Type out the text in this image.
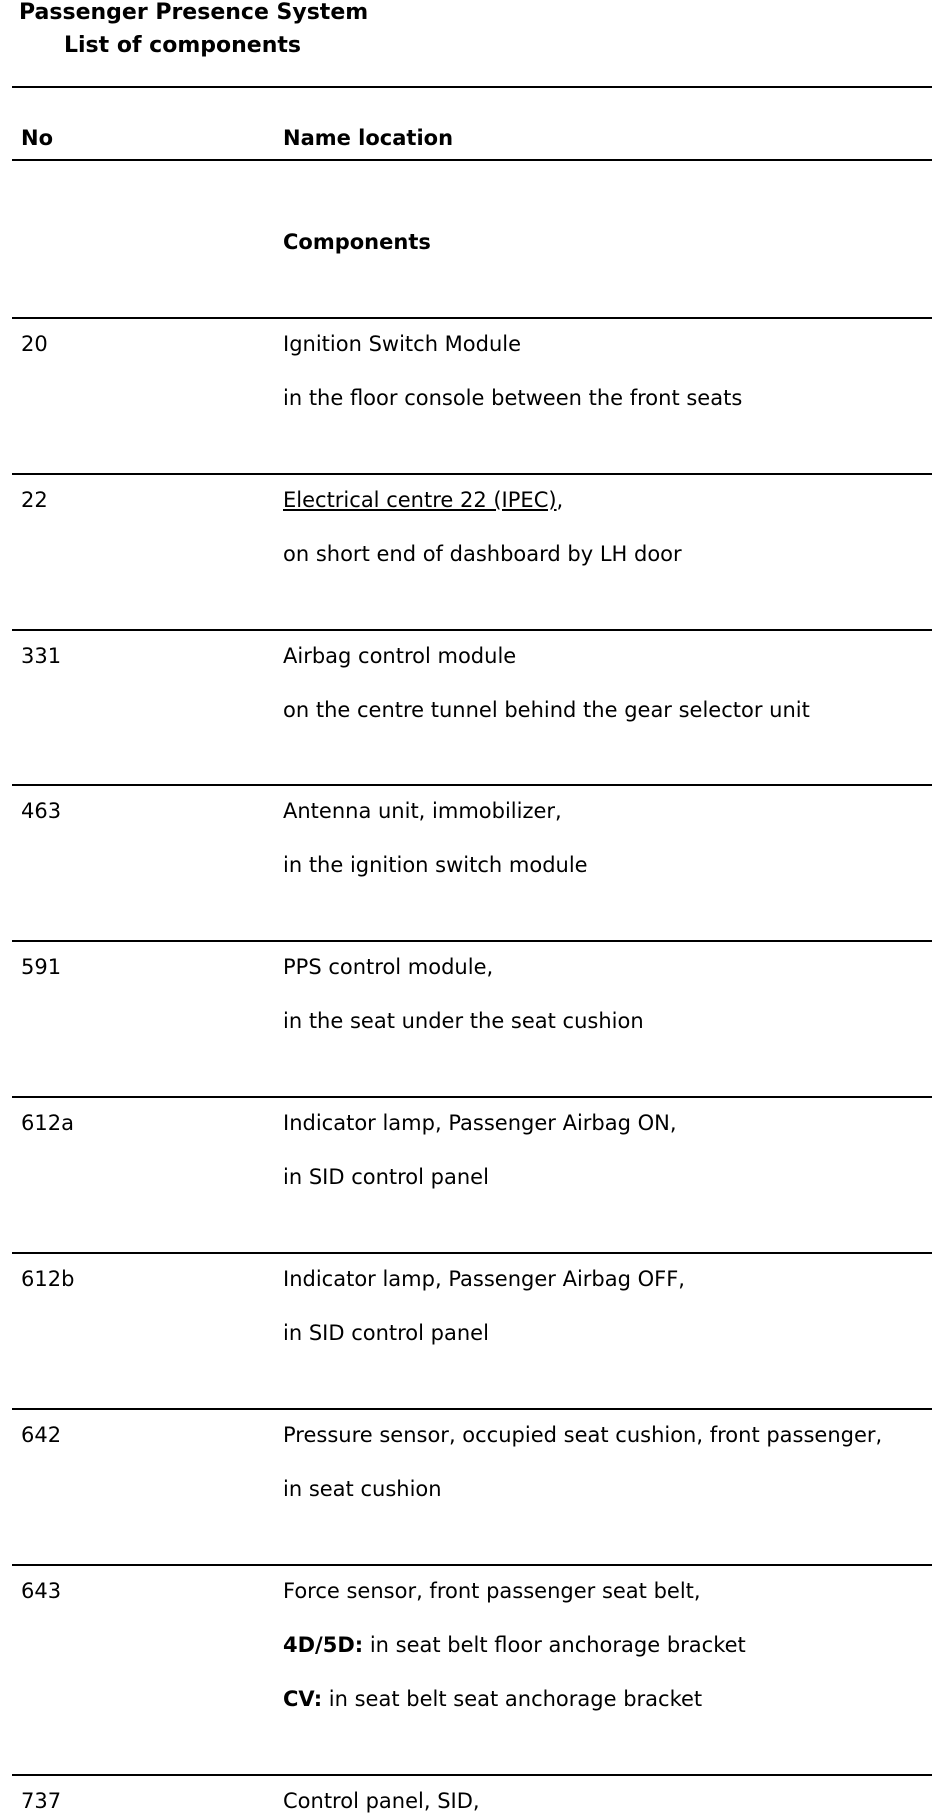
Passenger Presence System
List of components
No	Name location
Components
20	Ignition Switch Module
in the floor console between the front seats
22	Electrical centre 22 (IPEC),
on short end of dashboard by LH door
331	Airbag control module
on the centre tunnel behind the gear selector unit
463	Antenna unit, immobilizer,
in the ignition switch module
591	PPS control module,
in the seat under the seat cushion
612a	Indicator lamp, Passenger Airbag ON,
in SID control panel
612b	Indicator lamp, Passenger Airbag OFF,
in SID control panel
642	Pressure sensor, occupied seat cushion, front passenger,
in seat cushion
643	Force sensor, front passenger seat belt,
4D/5D: in seat belt floor anchorage bracket
CV: in seat belt seat anchorage bracket
737	Control panel, SID,
